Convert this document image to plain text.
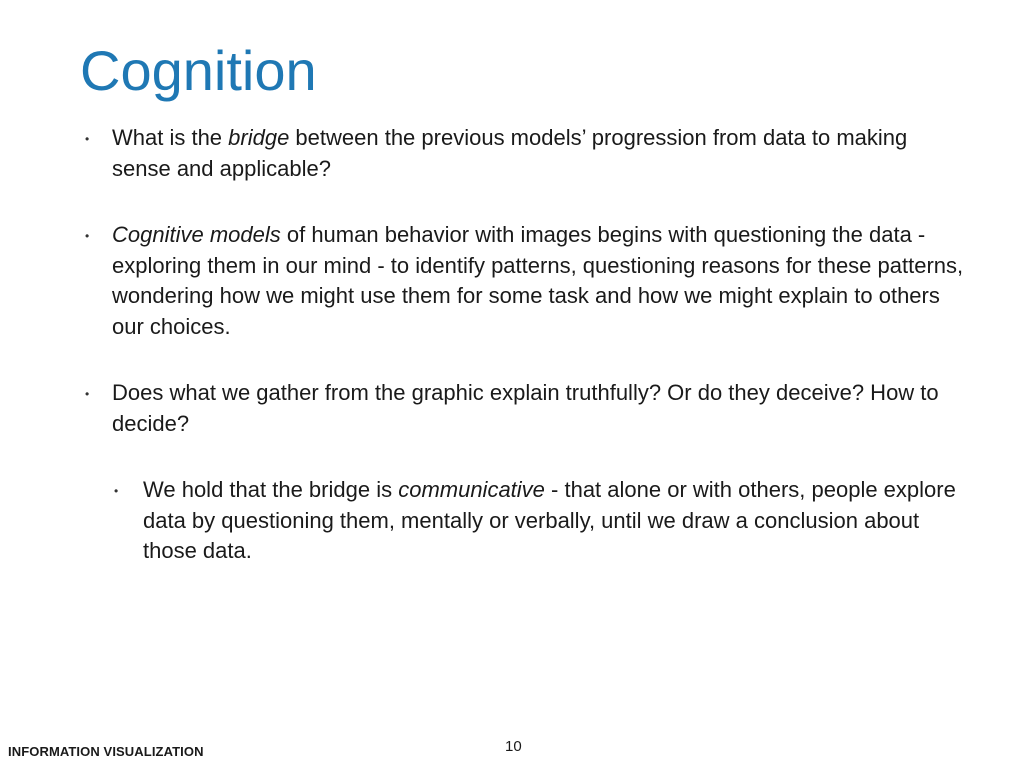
Cognition
• What is the bridge between the previous models’ progression from data to making sense and applicable?
• Cognitive models of human behavior with images begins with questioning the data - exploring them in our mind - to identify patterns, questioning reasons for these patterns, wondering how we might use them for some task and how we might explain to others our choices.
• Does what we gather from the graphic explain truthfully? Or do they deceive? How to decide?
• We hold that the bridge is communicative - that alone or with others, people explore data by questioning them, mentally or verbally, until we draw a conclusion about those data.
INFORMATION VISUALIZATION	10
